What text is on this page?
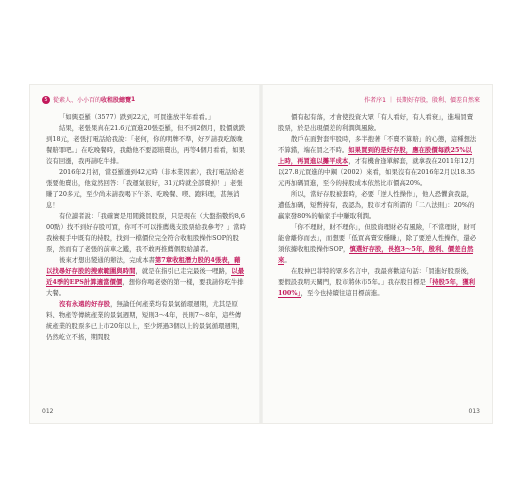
5 從素人、小小百的 收租股總覽 1

「如興亞羅（3577）跌到22元，可買進放半年看看。」

結果，老張果真在21.6元買進20張亞羅，但不到2個月，股價就跌到18元，老張打電話給我說：「老何，你的明牌不準，好歹請我吃飯晚餐賠罪吧。」在吃晚餐時，我勸他不要認賠賣出，再等4個月看看，如果沒有回漲，我再請吃牛排。

2016年2月初，當亞羅漲到42元時（非本業因素），我打電話給老張要他賣出，他竟然回答：「我運氣很好，31元時就全部賣掉！」老張賺了20多元，至少尚未請我喝下午茶、吃晚餐、喫、跑料理，甚無消息！

有位讀者說：「我確實是用閒錢買股票，只是現在（大盤指數約8,600點）找不到好存股可買，你可不可以推薦幾支股票給我參考？」當時我檢視手中既有的持股，找到一檔價位完全符合收租股操作SOP的股票，然而有了老張的前車之鑑，我不敢再推薦個股給讀者。

後來才想出變通的辦法，完成本書第7章收租潛力股的4張表，藉以找尋好存股的搜索範圍與時間，就是在指引已走完最後一哩路，以最近4季的EPS計算適當價價，想你你喝老婆的第一樣，要我請你吃牛排大餐。

沒有永遠的好存股，無論任何產業均有景氣循環週期，尤其是原料、物產等傳統產業的景氣週期，短則3～4年，長則7～8年，這些傳統產業的股票多已上市20年以上，至少經過3個以上的景氣循環週期，仍然屹立不搖，期間股

012
作者序1 ｜ 長期好存股，殷利、價差自然來

價有起有落，才會使投資大眾「有人看好，有人看衰」，進場買賣股票，於是出現價差的利潤與風險。

散戶在面對套牢股時，多半抱著「不賣不算賠」的心態，這種想法不算錯，端在買之不時。如果買到的是好存股，應在股價每跌25%以上時，再買進以攤平成本，才有機會逢單解套，就拿我在2011年12月以27.8元買進的中鋼（2002）來看，如果沒有在2016年2月以18.35元再加碼買進，至今的持股成本依然比市價高20%。

所以，當好存股被套時，必要「逆人性操作」，他人恐懼貪我最，遭低加碼，短暫持有，我認為，股市才有所謂的「二八法則」：20%的贏家發80%的輸家手中賺取利潤。

「你不理財，財不理你」，但股資理財必有風險，「不當理財，財可能會離你而去」，而想要「低買高賣安穩賺」，除了要逆人性操作，還必須依據收租股操作SOP，慎選好存股，長抱3～5年，殷利、價差自然來。

在股神巴菲特的眾多名言中，我最喜歡這句話：「買進好股票後，要假設我明天關門，股市將休市5年。」我存股目標是「持股5年，獲利100%」，至今也持續往這目標前進。

013
